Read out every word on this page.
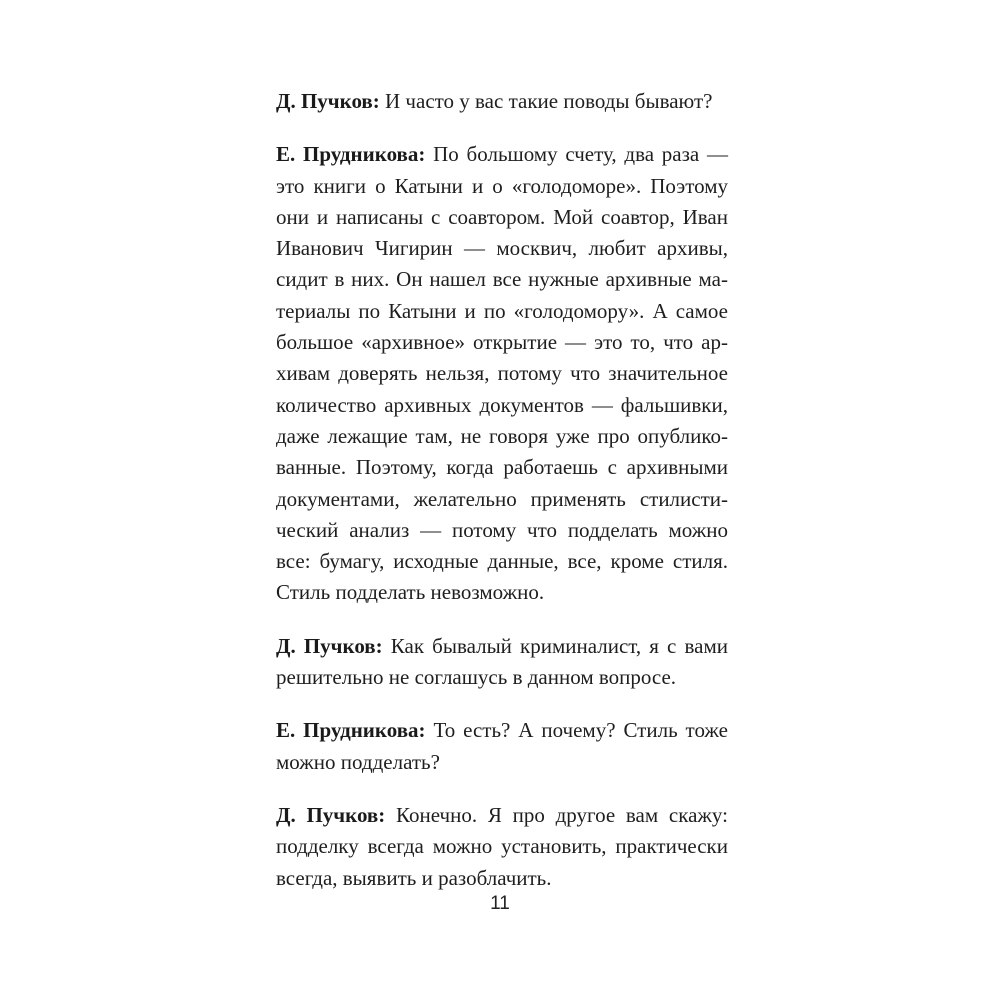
Д. Пучков: И часто у вас такие поводы бывают?

Е. Прудникова: По большому счету, два раза —
это книги о Катыни и о «голодоморе». Поэтому
они и написаны с соавтором. Мой соавтор, Иван
Иванович Чигирин — москвич, любит архивы,
сидит в них. Он нашел все нужные архивные ма-
териалы по Катыни и по «голодомору». А самое
большое «архивное» открытие — это то, что ар-
хивам доверять нельзя, потому что значительное
количество архивных документов — фальшивки,
даже лежащие там, не говоря уже про опублико-
ванные. Поэтому, когда работаешь с архивными
документами, желательно применять стилисти-
ческий анализ — потому что подделать можно
все: бумагу, исходные данные, все, кроме стиля.
Стиль подделать невозможно.

Д. Пучков: Как бывалый криминалист, я с вами
решительно не соглашусь в данном вопросе.

Е. Прудникова: То есть? А почему? Стиль тоже
можно подделать?

Д. Пучков: Конечно. Я про другое вам скажу:
подделку всегда можно установить, практически
всегда, выявить и разоблачить.

11
